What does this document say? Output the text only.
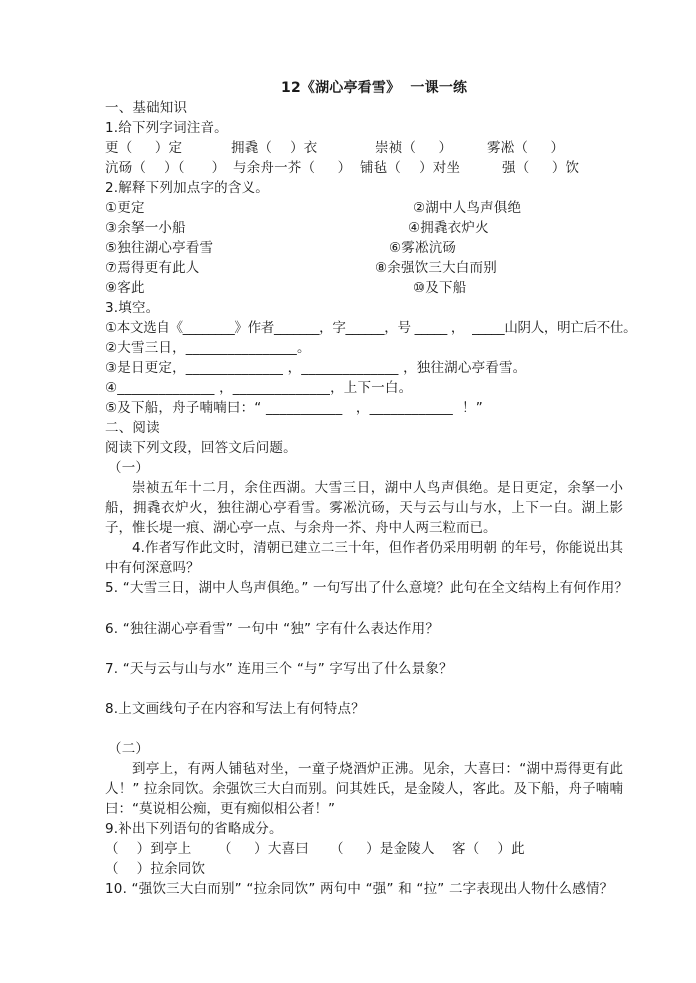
12《湖心亭看雪》  一课一练
一、基础知识
1.给下列字词注音。
更（     ）定	拥毳（    ）衣	崇祯（     ）	雾凇（     ）
沆砀（    ）（      ） 与余舟一芥（     ） 铺毡（    ）对坐	强（     ）饮
2.解释下列加点字的含义。
①更定	②湖中人鸟声俱绝
③余拏一小船	④拥毳衣炉火
⑤独往湖心亭看雪	⑥雾凇沆砀
⑦焉得更有此人	⑧余强饮三大白而别
⑨客此	⑩及下船
3.填空。
①本文选自《________》作者_______，字______，号 _____ ，  _____山阴人，明亡后不仕。
②大雪三日，________________。
③是日更定，______________ ，______________ ，独往湖心亭看雪。
④______________ ，______________，上下一白。
⑤及下船，舟子喃喃曰：“ ___________   ，____________  ！”
二、阅读
阅读下列文段，回答文后问题。
（一）
崇祯五年十二月，余住西湖。大雪三日，湖中人鸟声俱绝。是日更定，余拏一小船，拥毳衣炉火，独往湖心亭看雪。雾凇沆砀，天与云与山与水，上下一白。湖上影子，惟长堤一痕、湖心亭一点、与余舟一芥、舟中人两三粒而已。
4.作者写作此文时，清朝已建立二三十年，但作者仍采用明朝 的年号，你能说出其中有何深意吗？
5. “大雪三日，湖中人鸟声俱绝。” 一句写出了什么意境？此句在全文结构上有何作用？
6. “独往湖心亭看雪” 一句中 “独” 字有什么表达作用？
7. “天与云与山与水” 连用三个 “与” 字写出了什么景象？
8.上文画线句子在内容和写法上有何特点？
（二）
到亭上，有两人铺毡对坐，一童子烧酒炉正沸。见余，大喜曰：“湖中焉得更有此人！” 拉余同饮。余强饮三大白而别。问其姓氏，是金陵人，客此。及下船，舟子喃喃曰：“莫说相公痴，更有痴似相公者！”
9.补出下列语句的省略成分。
（    ）到亭上 （     ）大喜曰 （     ）是金陵人 客（    ）此
（    ）拉余同饮
10. “强饮三大白而别” “拉余同饮” 两句中 “强” 和 “拉” 二字表现出人物什么感情？
